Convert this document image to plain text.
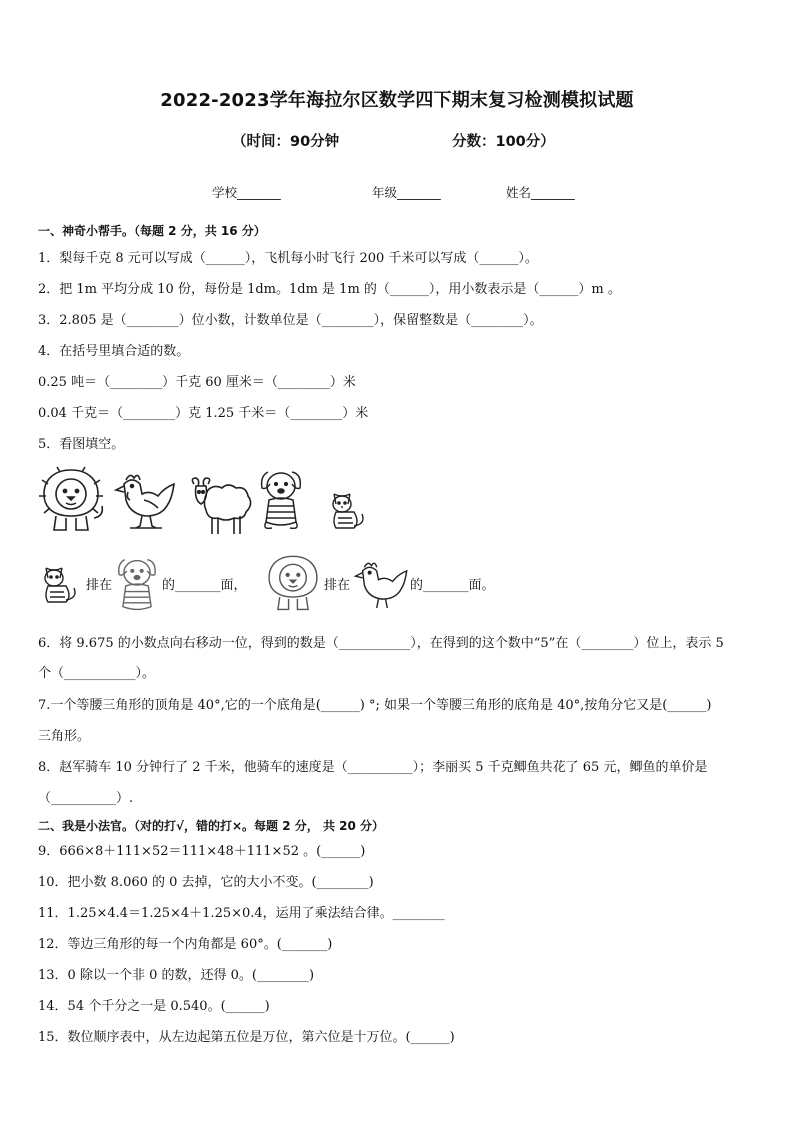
2022-2023学年海拉尔区数学四下期末复习检测模拟试题
（时间：90分钟	分数：100分）
学校_______	年级_______	姓名_______
一、神奇小帮手。（每题 2 分，共 16 分）
1．梨每千克 8 元可以写成（______），飞机每小时飞行 200 千米可以写成（______）。
2．把 1m 平均分成 10 份，每份是 1dm。1dm 是 1m 的（______），用小数表示是（______）m 。
3．2.805 是（________）位小数，计数单位是（________），保留整数是（________）。
4．在括号里填合适的数。
0.25 吨＝（________）千克 60 厘米＝（________）米
0.04 千克＝（________）克 1.25 千米＝（________）米
5．看图填空。
排在	的_______面，	排在	的_______面。
6．将 9.675 的小数点向右移动一位，得到的数是（___________），在得到的这个数中“5”在（________）位上，表示 5
个（___________）。
7.一个等腰三角形的顶角是 40°,它的一个底角是(______) °; 如果一个等腰三角形的底角是 40°,按角分它又是(______)
三角形。
8．赵军骑车 10 分钟行了 2 千米，他骑车的速度是（__________）；李丽买 5 千克鲫鱼共花了 65 元，鲫鱼的单价是
（__________）.
二、我是小法官。（对的打√，错的打×。每题 2 分， 共 20 分）
9．666×8＋111×52＝111×48＋111×52 。(______)
10．把小数 8.060 的 0 去掉，它的大小不变。(________)
11．1.25×4.4＝1.25×4＋1.25×0.4，运用了乘法结合律。________
12．等边三角形的每一个内角都是 60°。(_______)
13．0 除以一个非 0 的数，还得 0。(________)
14．54 个千分之一是 0.540。(______)
15．数位顺序表中，从左边起第五位是万位，第六位是十万位。(______)
